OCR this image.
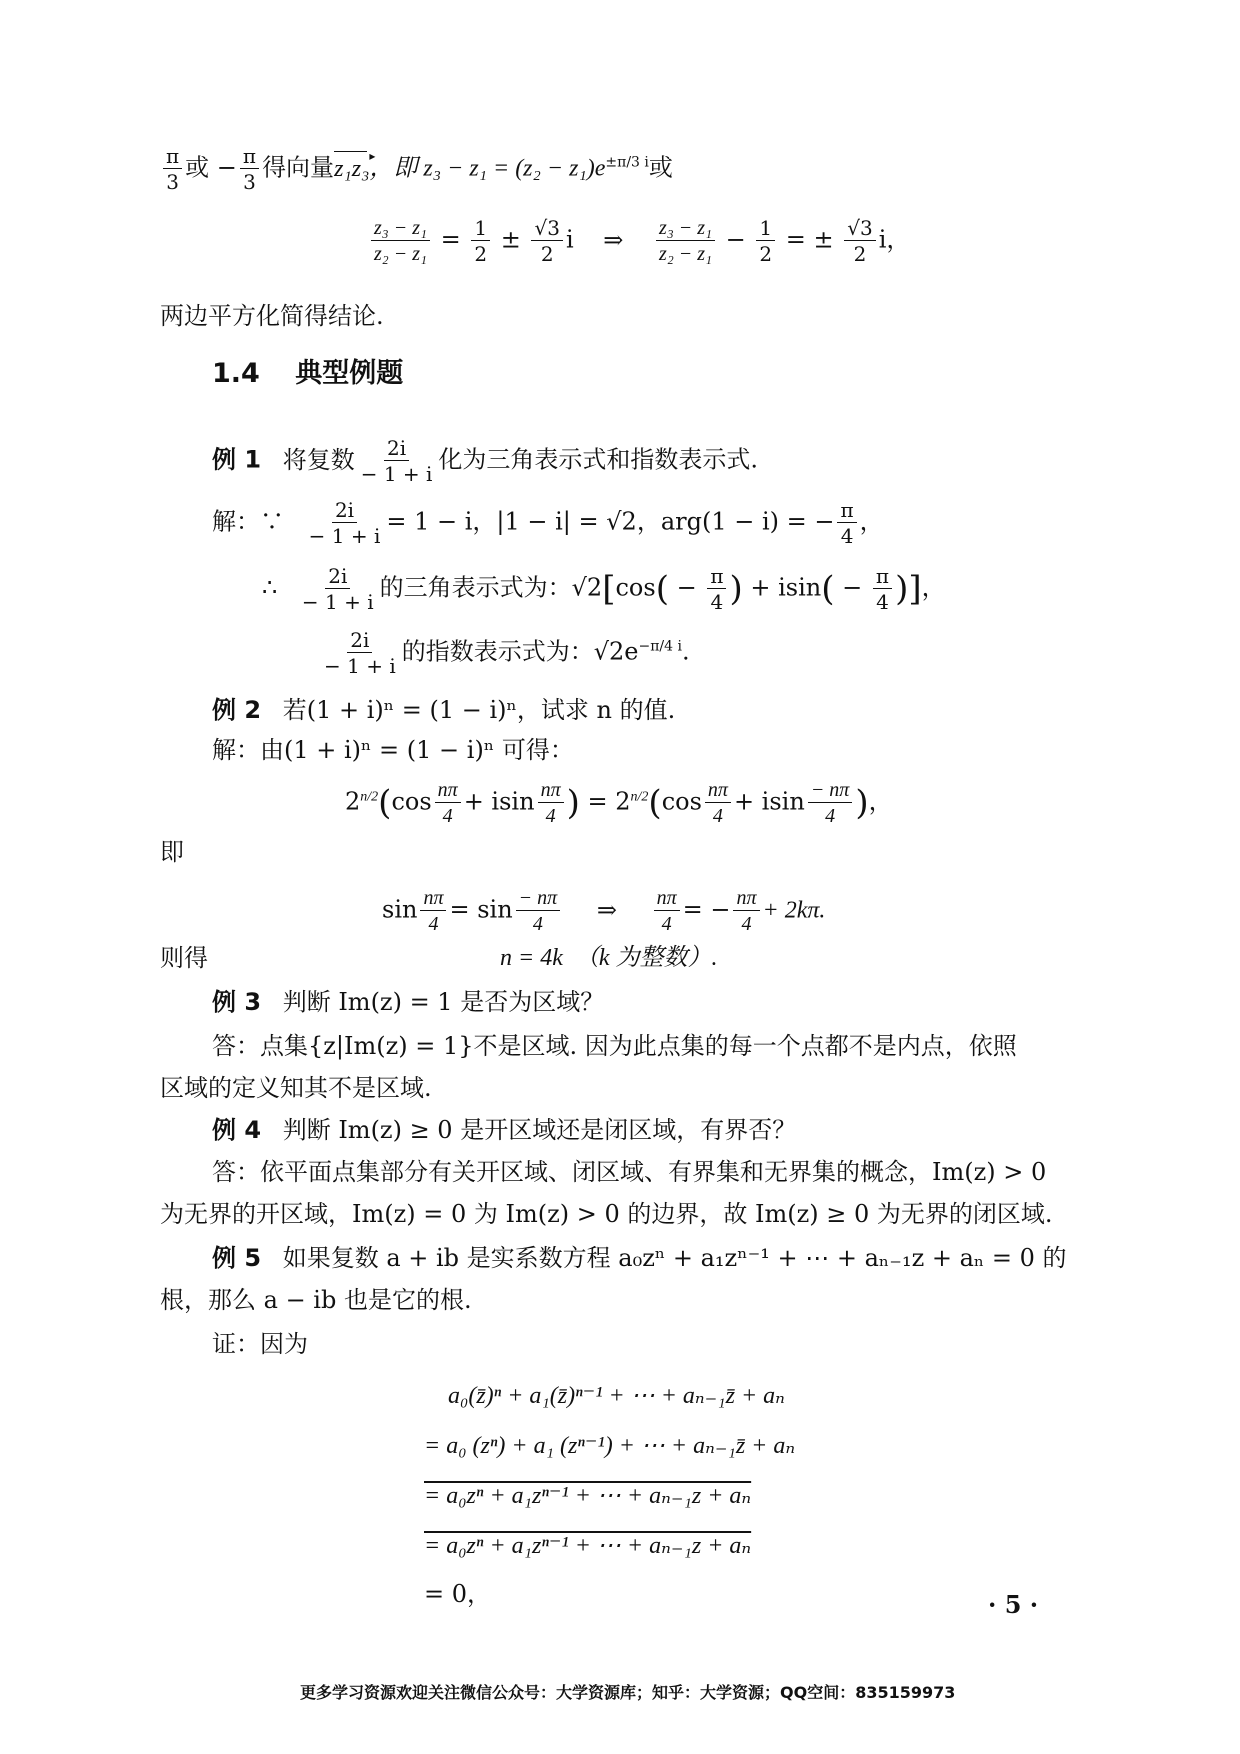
$\frac{\pi}{3}$ 或 − $\frac{\pi}{3}$ 得向量z₁z₃ ▸，即 $z_3 - z_1 = (z_2 - z_1)e^{\pm\pi/3 i}$或
$\frac{\text{z₃ − z₁}}{\text{z₂ − z₁}} = \frac{1}{2} \pm \frac{√3}{2}$ i ⇒ $\frac{\text{z₃ − z₁}}{\text{z₂ − z₁}} - \frac{1}{2}$ = ± $\frac{√3}{2}$ i，
两边平方化简得结论.
1.4 典型例题
例 1 将复数 $\frac{2i}{- 1 + i}$ 化为三角表示式和指数表示式.
解：∵ $\frac{2i}{- 1 + i} = 1 - i$，|1 − i| = √2，arg(1 − i) = − $\frac{\pi}{4}$ ，
∴ $\frac{2i}{- 1 + i}$ 的三角表示式为：$√2[\cos( - \frac{\pi}{4}$ ) + $isin( - \frac{\pi}{4}$ )]，
$\frac{2i}{- 1 + i}$ 的指数表示式为：$√2e^{-\pi/4 i}$.
例 2 若(1 + i)ⁿ = (1 − i)ⁿ，试求 n 的值.
解：由(1 + i)ⁿ = (1 − i)ⁿ 可得：
$2^{n/2}(\cos \frac{n\pi}{4} + isin \frac{n\pi}{4}$ ) = $2^{n/2}(\cos \frac{n\pi}{4} + isin \frac{- n\pi}{4}$ )，
即
$\sin \frac{n\pi}{4} = \sin \frac{- n\pi}{4}$ ⇒ $\frac{n\pi}{4}$ = − $\frac{n\pi}{4} + 2k\pi$.
则得	n = 4k　（k 为整数）.
例 3 判断 Im(z) = 1 是否为区域？
答：点集{z|Im(z) = 1}不是区域. 因为此点集的每一个点都不是内点，依照
区域的定义知其不是区域.
例 4 判断 Im(z) ≥ 0 是开区域还是闭区域，有界否？
答：依平面点集部分有关开区域、闭区域、有界集和无界集的概念，Im(z) > 0
为无界的开区域，Im(z) = 0 为 Im(z) > 0 的边界，故 Im(z) ≥ 0 为无界的闭区域.
例 5 如果复数 a + ib 是实系数方程 a₀zⁿ + a₁zⁿ⁻¹ + ⋯ + aₙ₋₁z + aₙ = 0 的
根，那么 a − ib 也是它的根.
证：因为
a₀(z̄)ⁿ + a₁(z̄)ⁿ⁻¹ + ⋯ + aₙ₋₁z̄ + aₙ
= a₀ (zⁿ) + a₁ (zⁿ⁻¹) + ⋯ + aₙ₋₁z̄ + aₙ
= a₀zⁿ + a₁zⁿ⁻¹ + ⋯ + aₙ₋₁z + aₙ
= a₀zⁿ + a₁zⁿ⁻¹ + ⋯ + aₙ₋₁z + aₙ
= 0，	· 5 ·
更多学习资源欢迎关注微信公众号：大学资源库；知乎：大学资源；QQ空间：835159973
